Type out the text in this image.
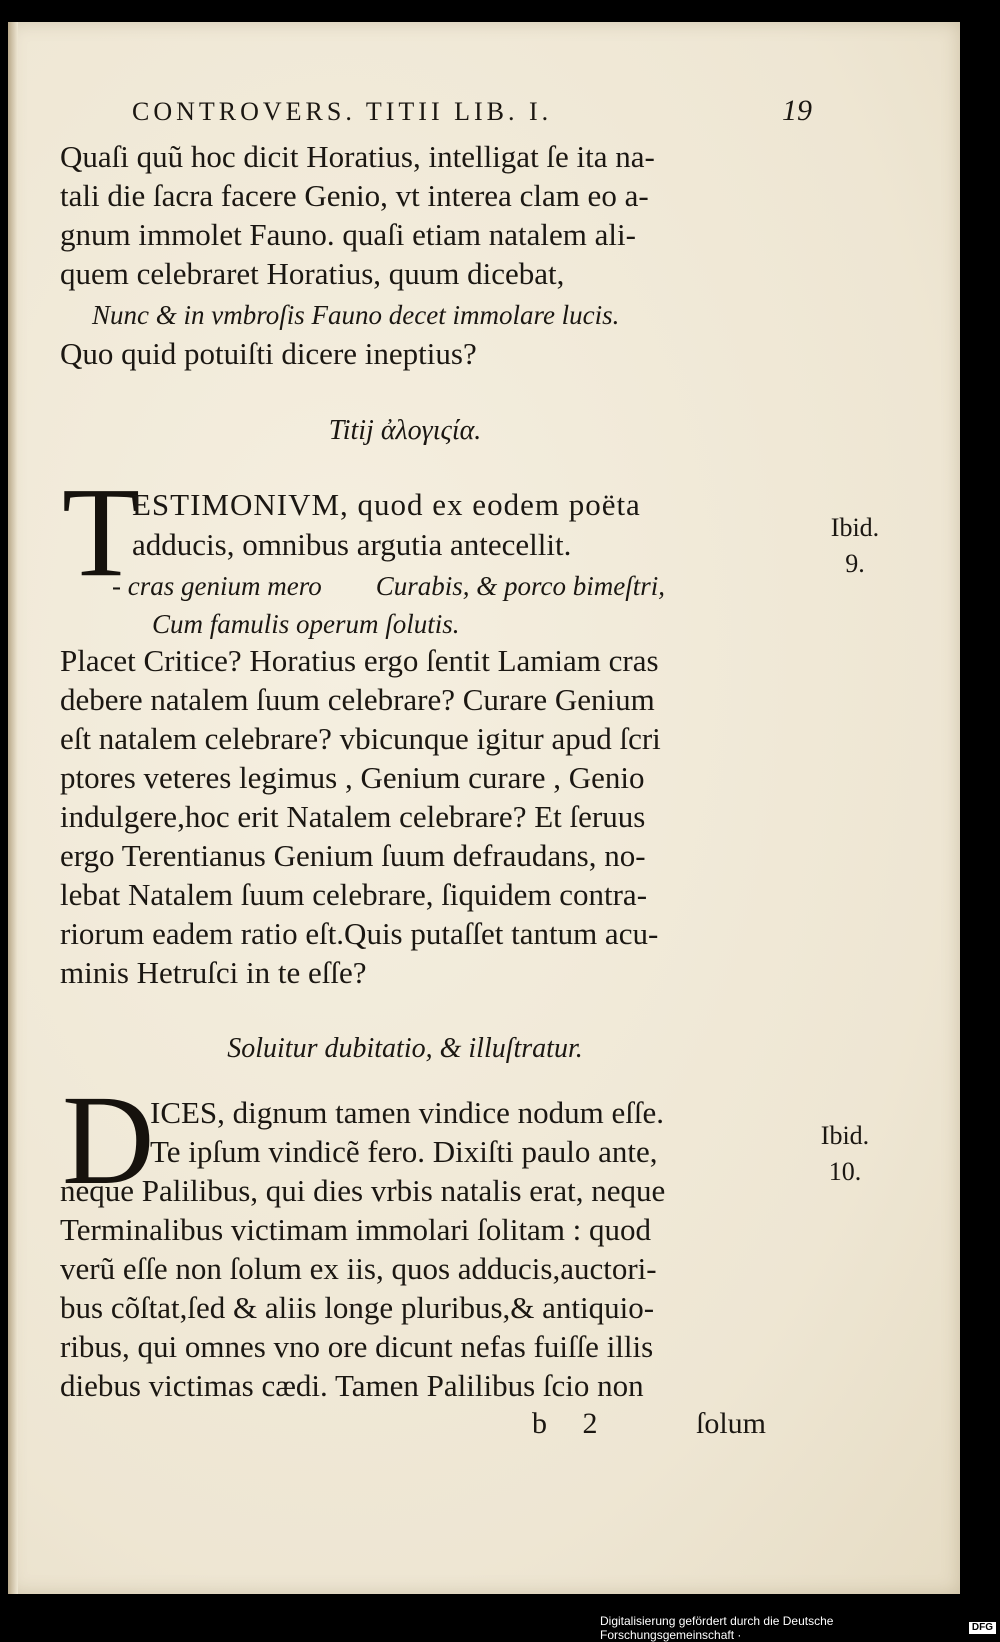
CONTROVERS. TITII LIB. I.	19
Quaſi quũ hoc dicit Horatius, intelligat ſe ita na-
tali die ſacra facere Genio, vt interea clam eo a-
gnum immolet Fauno. quaſi etiam natalem ali-
quem celebraret Horatius, quum dicebat,
Nunc & in vmbroſis Fauno decet immolare lucis.
Quo quid potuiſti dicere ineptius?
Titij ἀλογιςία.
T
ESTIMONIVM, quod ex eodem poëta
adducis, omnibus argutia antecellit.
- cras genium mero        Curabis, & porco bimeſtri,
Cum famulis operum ſolutis.
Placet Critice? Horatius ergo ſentit Lamiam cras
debere natalem ſuum celebrare? Curare Genium
eſt natalem celebrare? vbicunque igitur apud ſcri
ptores veteres legimus , Genium curare , Genio
indulgere,hoc erit Natalem celebrare? Et ſeruus
ergo Terentianus Genium ſuum defraudans, no-
lebat Natalem ſuum celebrare, ſiquidem contra-
riorum eadem ratio eſt.Quis putaſſet tantum acu-
minis Hetruſci in te eſſe?
Soluitur dubitatio, & illuſtratur.
D
ICES, dignum tamen vindice nodum eſſe.
Te ipſum vindicẽ fero. Dixiſti paulo ante,
neque Palilibus, qui dies vrbis natalis erat, neque
Terminalibus victimam immolari ſolitam : quod
verũ eſſe non ſolum ex iis, quos adducis,auctori-
bus cõſtat,ſed & aliis longe pluribus,& antiquio-
ribus, qui omnes vno ore dicunt nefas fuiſſe illis
diebus victimas cædi. Tamen Palilibus ſcio non
b 2	ſolum
Ibid.
9.
Ibid.
10.
Digitalisierung gefördert durch die Deutsche Forschungsgemeinschaft ·
DFG
